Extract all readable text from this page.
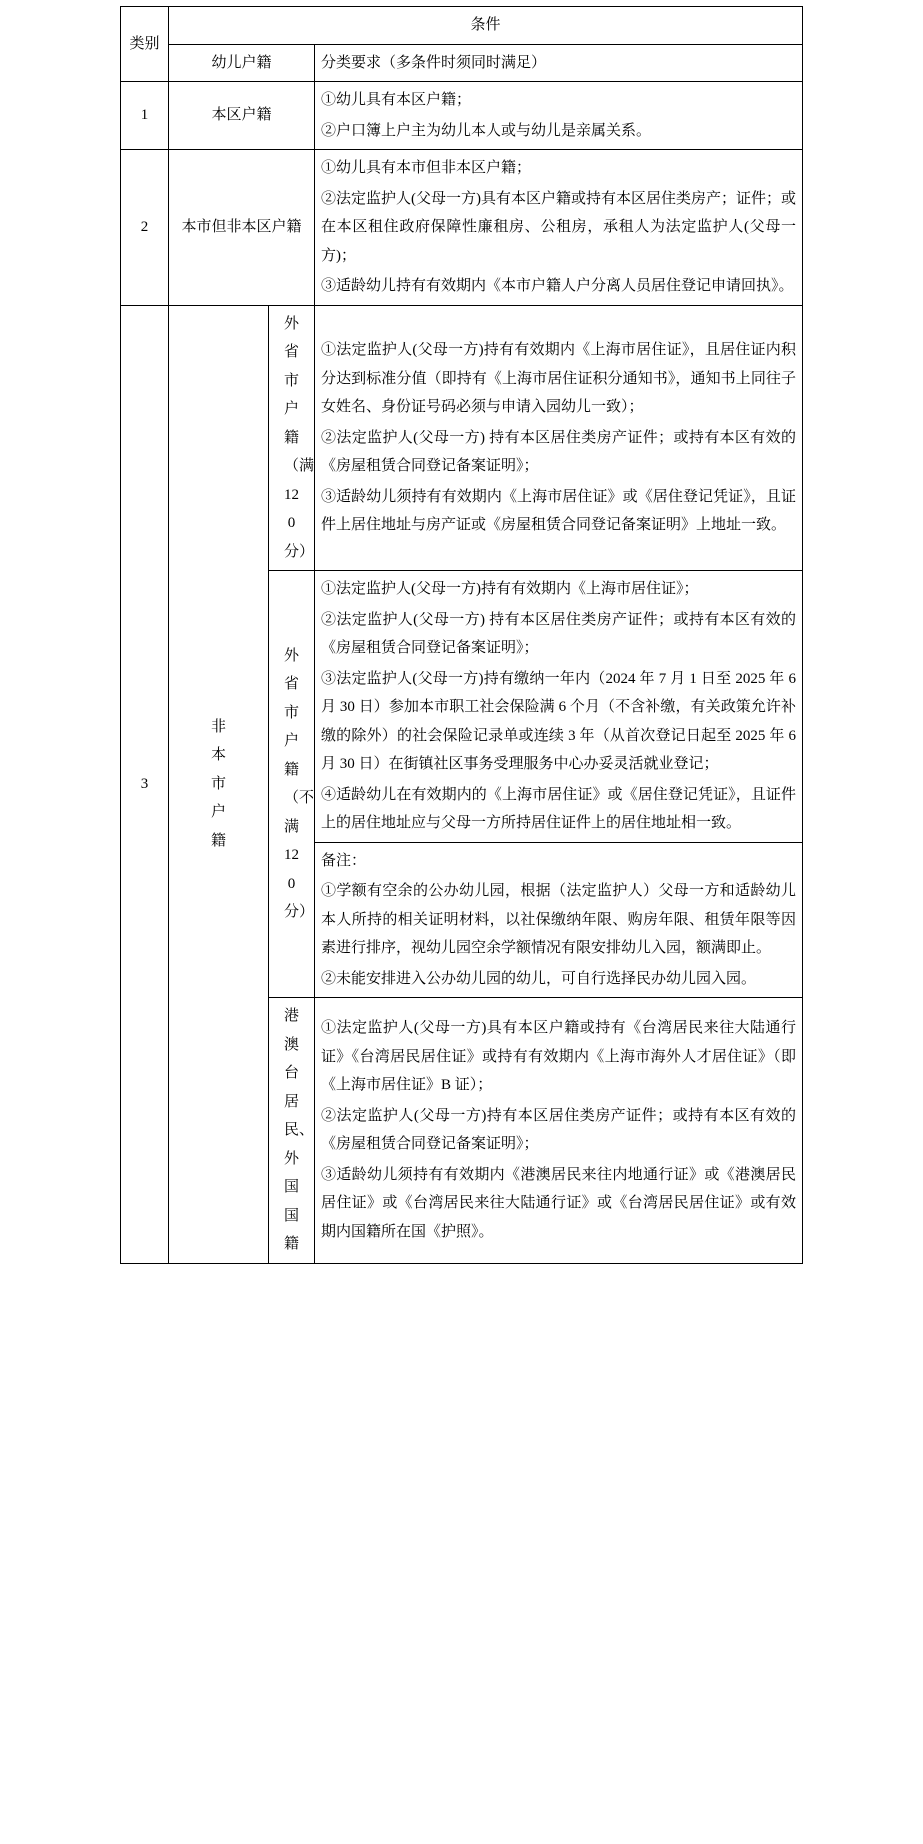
类别	条件		
	幼儿户籍		分类要求（多条件时须同时满足）
1	本区户籍		①幼儿具有本区户籍；

②户口簿上户主为幼儿本人或与幼儿是亲属关系。

2	本市但非本区户籍		①幼儿具有本市但非本区户籍；

②法定监护人(父母一方)具有本区户籍或持有本区居住类房产；证件；或在本区租住政府保障性廉租房、公租房，承租人为法定监护人(父母一方)；

③适龄幼儿持有有效期内《本市户籍人户分离人员居住登记申请回执》。

3	非本市户籍	外省市户籍（满120分）	①法定监护人(父母一方)持有有效期内《上海市居住证》，且居住证内积分达到标准分值（即持有《上海市居住证积分通知书》，通知书上同往子女姓名、身份证号码必须与申请入园幼儿一致）；

②法定监护人(父母一方) 持有本区居住类房产证件；或持有本区有效的《房屋租赁合同登记备案证明》；

③适龄幼儿须持有有效期内《上海市居住证》或《居住登记凭证》，且证件上居住地址与房产证或《房屋租赁合同登记备案证明》上地址一致。

		外省市户籍（不满120分）	①法定监护人(父母一方)持有有效期内《上海市居住证》；

②法定监护人(父母一方) 持有本区居住类房产证件；或持有本区有效的《房屋租赁合同登记备案证明》；

③法定监护人(父母一方)持有缴纳一年内（2024 年 7 月 1 日至 2025 年 6 月 30 日）参加本市职工社会保险满 6 个月（不含补缴，有关政策允许补缴的除外）的社会保险记录单或连续 3 年（从首次登记日起至 2025 年 6 月 30 日）在街镇社区事务受理服务中心办妥灵活就业登记；

④适龄幼儿在有效期内的《上海市居住证》或《居住登记凭证》，且证件上的居住地址应与父母一方所持居住证件上的居住地址相一致。

			备注：

①学额有空余的公办幼儿园，根据（法定监护人）父母一方和适龄幼儿本人所持的相关证明材料，以社保缴纳年限、购房年限、租赁年限等因素进行排序，视幼儿园空余学额情况有限安排幼儿入园，额满即止。

②未能安排进入公办幼儿园的幼儿，可自行选择民办幼儿园入园。

		港澳台居民、外国国籍	①法定监护人(父母一方)具有本区户籍或持有《台湾居民来往大陆通行证》《台湾居民居住证》或持有有效期内《上海市海外人才居住证》（即《上海市居住证》B 证）；

②法定监护人(父母一方)持有本区居住类房产证件；或持有本区有效的《房屋租赁合同登记备案证明》；

③适龄幼儿须持有有效期内《港澳居民来往内地通行证》或《港澳居民居住证》或《台湾居民来往大陆通行证》或《台湾居民居住证》或有效期内国籍所在国《护照》。
